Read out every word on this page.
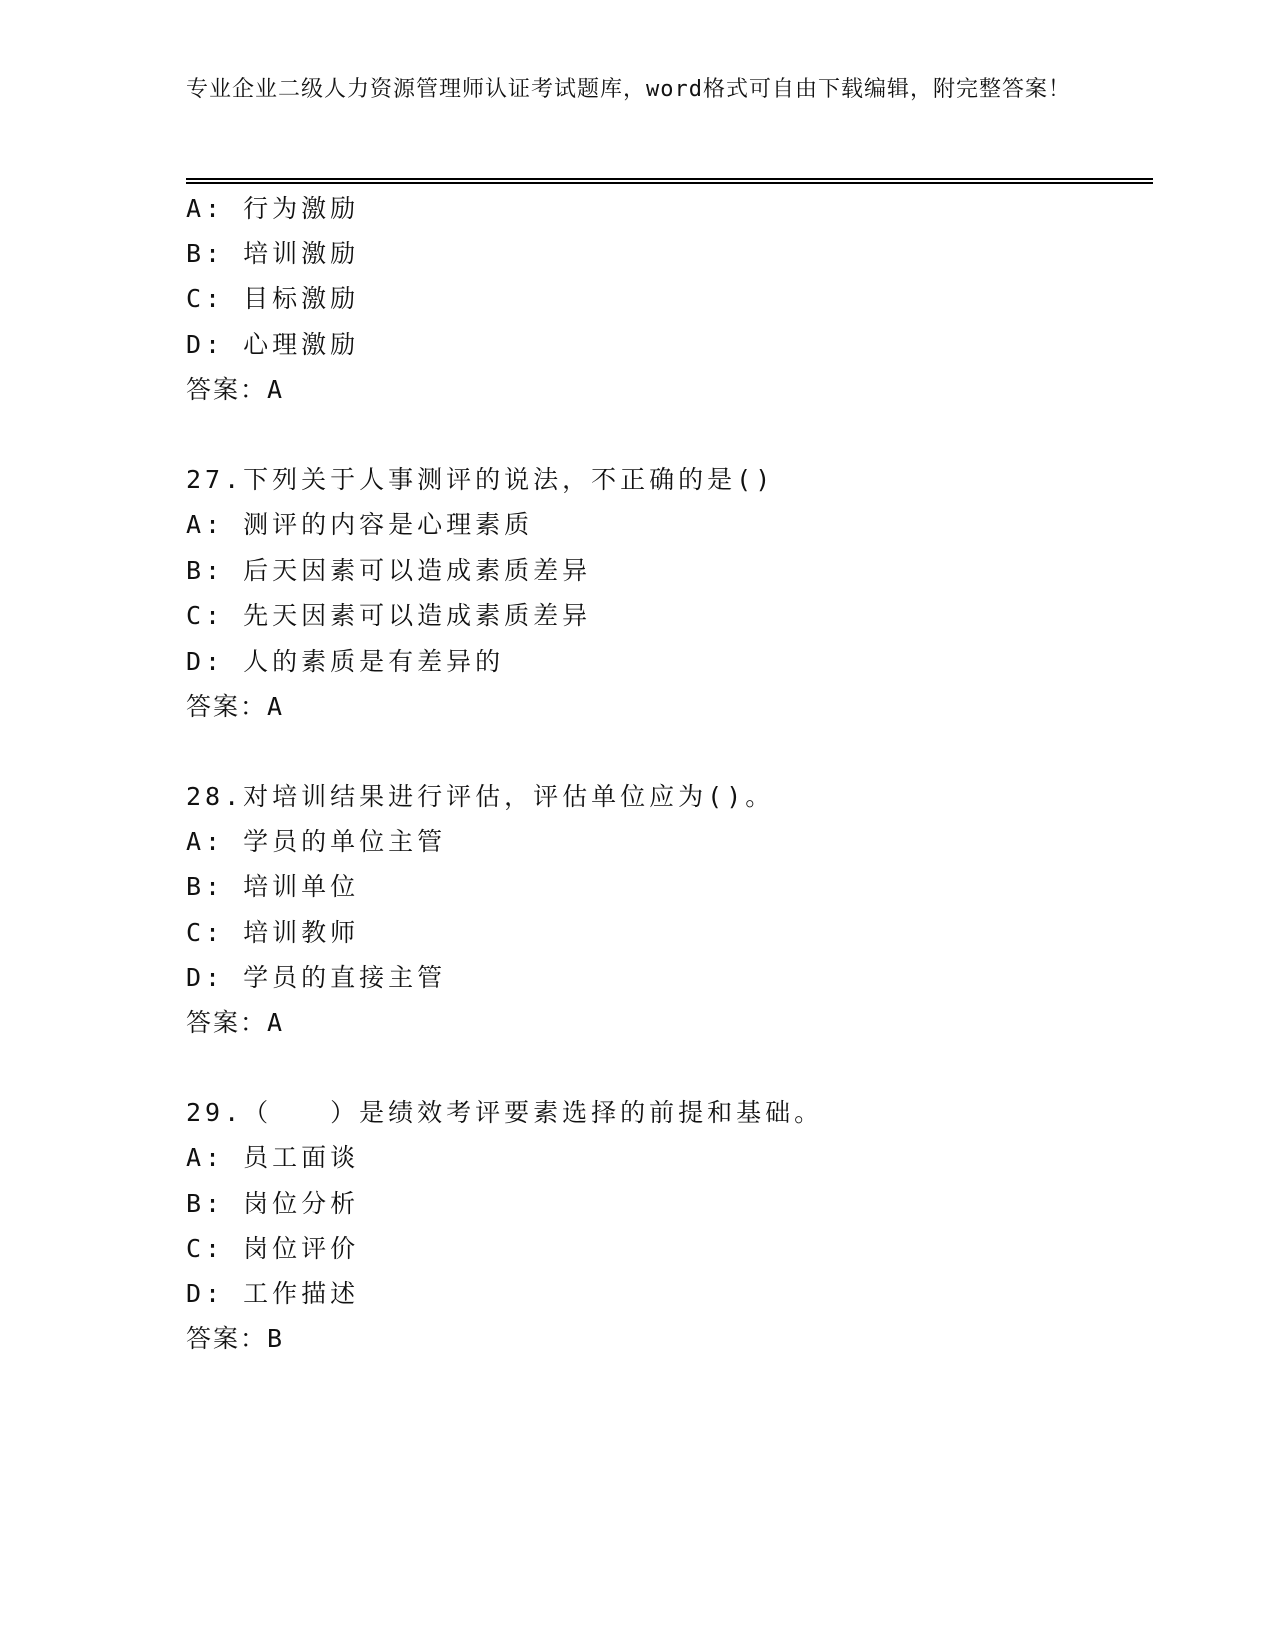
专业企业二级人力资源管理师认证考试题库，word格式可自由下载编辑，附完整答案！
A: 行为激励
B: 培训激励
C: 目标激励
D: 心理激励
答案：A
27.下列关于人事测评的说法，不正确的是()
A: 测评的内容是心理素质
B: 后天因素可以造成素质差异
C: 先天因素可以造成素质差异
D: 人的素质是有差异的
答案：A
28.对培训结果进行评估，评估单位应为()。
A: 学员的单位主管
B: 培训单位
C: 培训教师
D: 学员的直接主管
答案：A
29.（　　）是绩效考评要素选择的前提和基础。
A: 员工面谈
B: 岗位分析
C: 岗位评价
D: 工作描述
答案：B
